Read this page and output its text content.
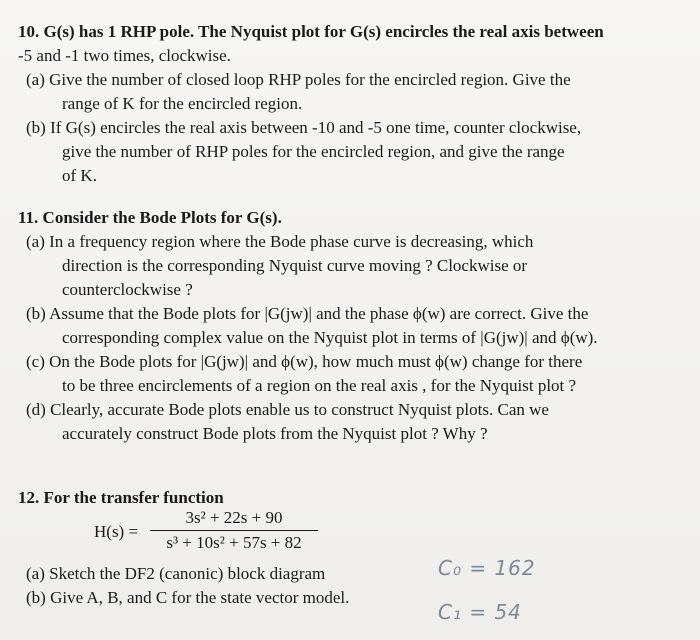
10. G(s) has 1 RHP pole. The Nyquist plot for G(s) encircles the real axis between
-5 and -1 two times, clockwise.
(a) Give the number of closed loop RHP poles for the encircled region. Give the
range of K for the encircled region.
(b) If G(s) encircles the real axis between -10 and -5 one time, counter clockwise,
give the number of RHP poles for the encircled region, and give the range
of K.
11. Consider the Bode Plots for G(s).
(a) In a frequency region where the Bode phase curve is decreasing, which
direction is the corresponding Nyquist curve moving ? Clockwise or
counterclockwise ?
(b) Assume that the Bode plots for |G(jw)| and the phase ϕ(w) are correct. Give the
corresponding complex value on the Nyquist plot in terms of |G(jw)| and ϕ(w).
(c) On the Bode plots for |G(jw)| and ϕ(w), how much must ϕ(w) change for there
to be three encirclements of a region on the real axis , for the Nyquist plot ?
(d) Clearly, accurate Bode plots enable us to construct Nyquist plots. Can we
accurately construct Bode plots from the Nyquist plot ? Why ?
12. For the transfer function
H(s) =
3s² + 22s + 90
s³ + 10s² + 57s + 82
(a) Sketch the DF2 (canonic) block diagram
(b) Give A, B, and C for the state vector model.
C₀ = 162
C₁ = 54
